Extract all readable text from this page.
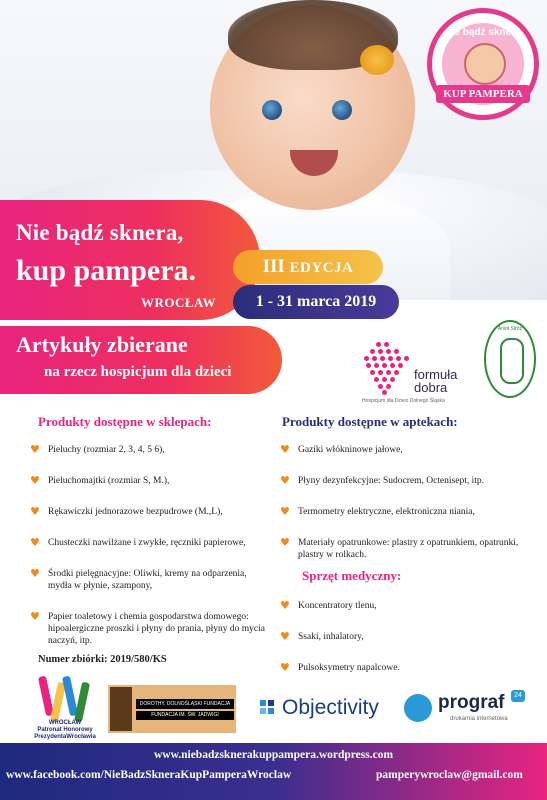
nie bądź sknera
KUP PAMPERA
Nie bądź sknera,
kup pampera.
WROCŁAW
III EDYCJA
1 - 31 marca 2019
Artykuły zbierane
na rzecz hospicjum dla dzieci	formuła
dobra
Hospicjum dla Dzieci Dolnego Śląska
Anioł Stróż
Produkty dostępne w sklepach:
♥ Pieluchy (rozmiar 2, 3, 4, 5 6),
♥ Pieluchomajtki (rozmiar S, M.),
♥ Rękawiczki jednorazowe bezpudrowe (M.,L),
♥ Chusteczki nawilżane i zwykłe, ręczniki papierowe,
♥ Środki pielęgnacyjne: Oliwki, kremy na odparzenia, mydła w płynie, szampony,
♥ Papier toaletowy i chemia gospodarstwa domowego: hipoalergiczne proszki i płyny do prania, płyny do mycia naczyń, itp.
Numer zbiórki: 2019/580/KS
Produkty dostępne w aptekach:
♥ Gaziki włókninowe jałowe,
♥ Płyny dezynfekcyjne: Sudocrem, Octenisept, itp.
♥ Termometry elektryczne, elektroniczna niania,
♥ Materiały opatrunkowe: plastry z opatrunkiem, opatrunki, plastry w rolkach.
Sprzęt medyczny:
♥ Koncentratory tlenu,
♥ Ssaki, inhalatory,
♥ Pulsoksymetry napalcowe.
WROCŁAW
Patronat Honorowy
PrezydentaWrocławia
DOROTHY, DOLNOŚLĄSKI FUNDACJA
FUNDACJA IM. ŚW. JADWIGI	Objectivity	prograf	24
drukarnia internetowa
www.niebadzsknerakuppampera.wordpress.com
www.facebook.com/NieBadzSkneraKupPamperaWroclaw	pamperywroclaw@gmail.com
